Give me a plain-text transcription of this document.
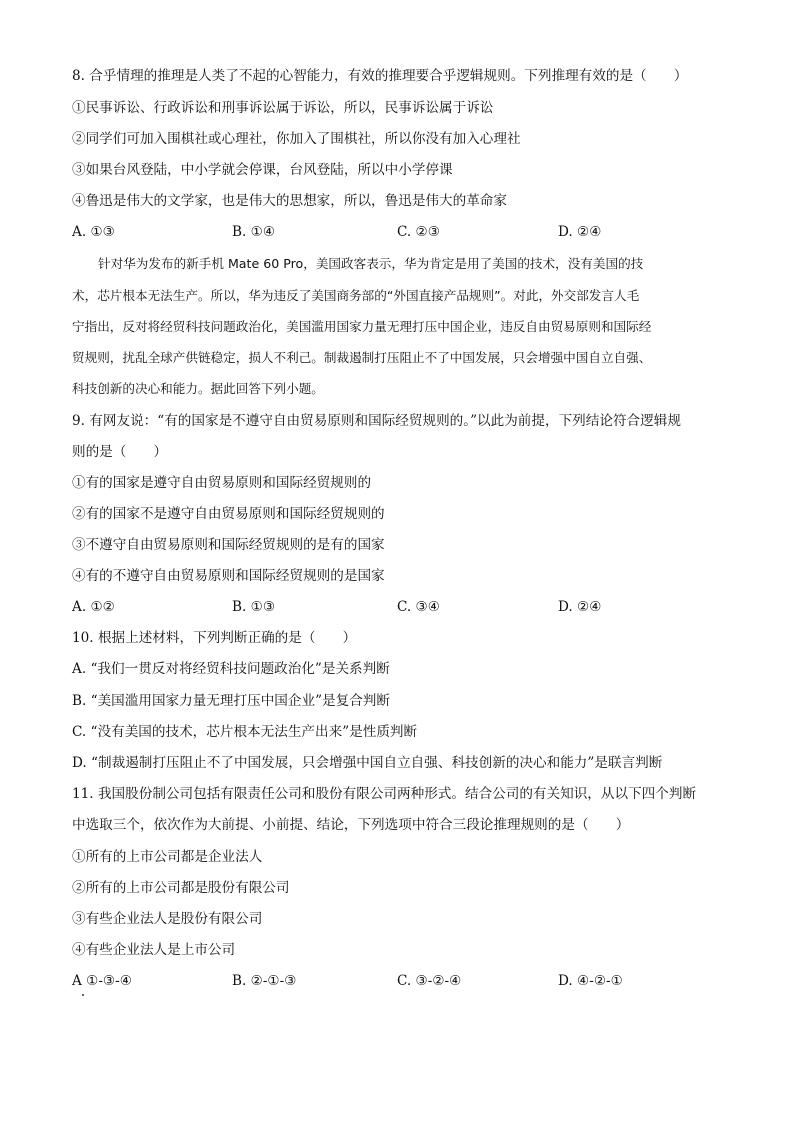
8. 合乎情理的推理是人类了不起的心智能力，有效的推理要合乎逻辑规则。下列推理有效的是（　　）
①民事诉讼、行政诉讼和刑事诉讼属于诉讼，所以，民事诉讼属于诉讼
②同学们可加入围棋社或心理社，你加入了围棋社，所以你没有加入心理社
③如果台风登陆，中小学就会停课，台风登陆，所以中小学停课
④鲁迅是伟大的文学家，也是伟大的思想家，所以，鲁迅是伟大的革命家
A. ①③	B. ①④	C. ②③	D. ②④
针对华为发布的新手机 Mate 60 Pro，美国政客表示，华为肯定是用了美国的技术，没有美国的技
术，芯片根本无法生产。所以，华为违反了美国商务部的“外国直接产品规则”。对此，外交部发言人毛
宁指出，反对将经贸科技问题政治化，美国滥用国家力量无理打压中国企业，违反自由贸易原则和国际经
贸规则，扰乱全球产供链稳定，损人不利己。制裁遏制打压阻止不了中国发展，只会增强中国自立自强、
科技创新的决心和能力。据此回答下列小题。
9. 有网友说：“有的国家是不遵守自由贸易原则和国际经贸规则的。”以此为前提，下列结论符合逻辑规
则的是（　　）
①有的国家是遵守自由贸易原则和国际经贸规则的
②有的国家不是遵守自由贸易原则和国际经贸规则的
③不遵守自由贸易原则和国际经贸规则的是有的国家
④有的不遵守自由贸易原则和国际经贸规则的是国家
A. ①②	B. ①③	C. ③④	D. ②④
10. 根据上述材料，下列判断正确的是（　　）
A. “我们一贯反对将经贸科技问题政治化”是关系判断
B. “美国滥用国家力量无理打压中国企业”是复合判断
C. “没有美国的技术，芯片根本无法生产出来”是性质判断
D. “制裁遏制打压阻止不了中国发展，只会增强中国自立自强、科技创新的决心和能力”是联言判断
11. 我国股份制公司包括有限责任公司和股份有限公司两种形式。结合公司的有关知识，从以下四个判断
中选取三个，依次作为大前提、小前提、结论，下列选项中符合三段论推理规则的是（　　）
①所有的上市公司都是企业法人
②所有的上市公司都是股份有限公司
③有些企业法人是股份有限公司
④有些企业法人是上市公司
A ①-③-④	B. ②-①-③	C. ③-②-④	D. ④-②-①
